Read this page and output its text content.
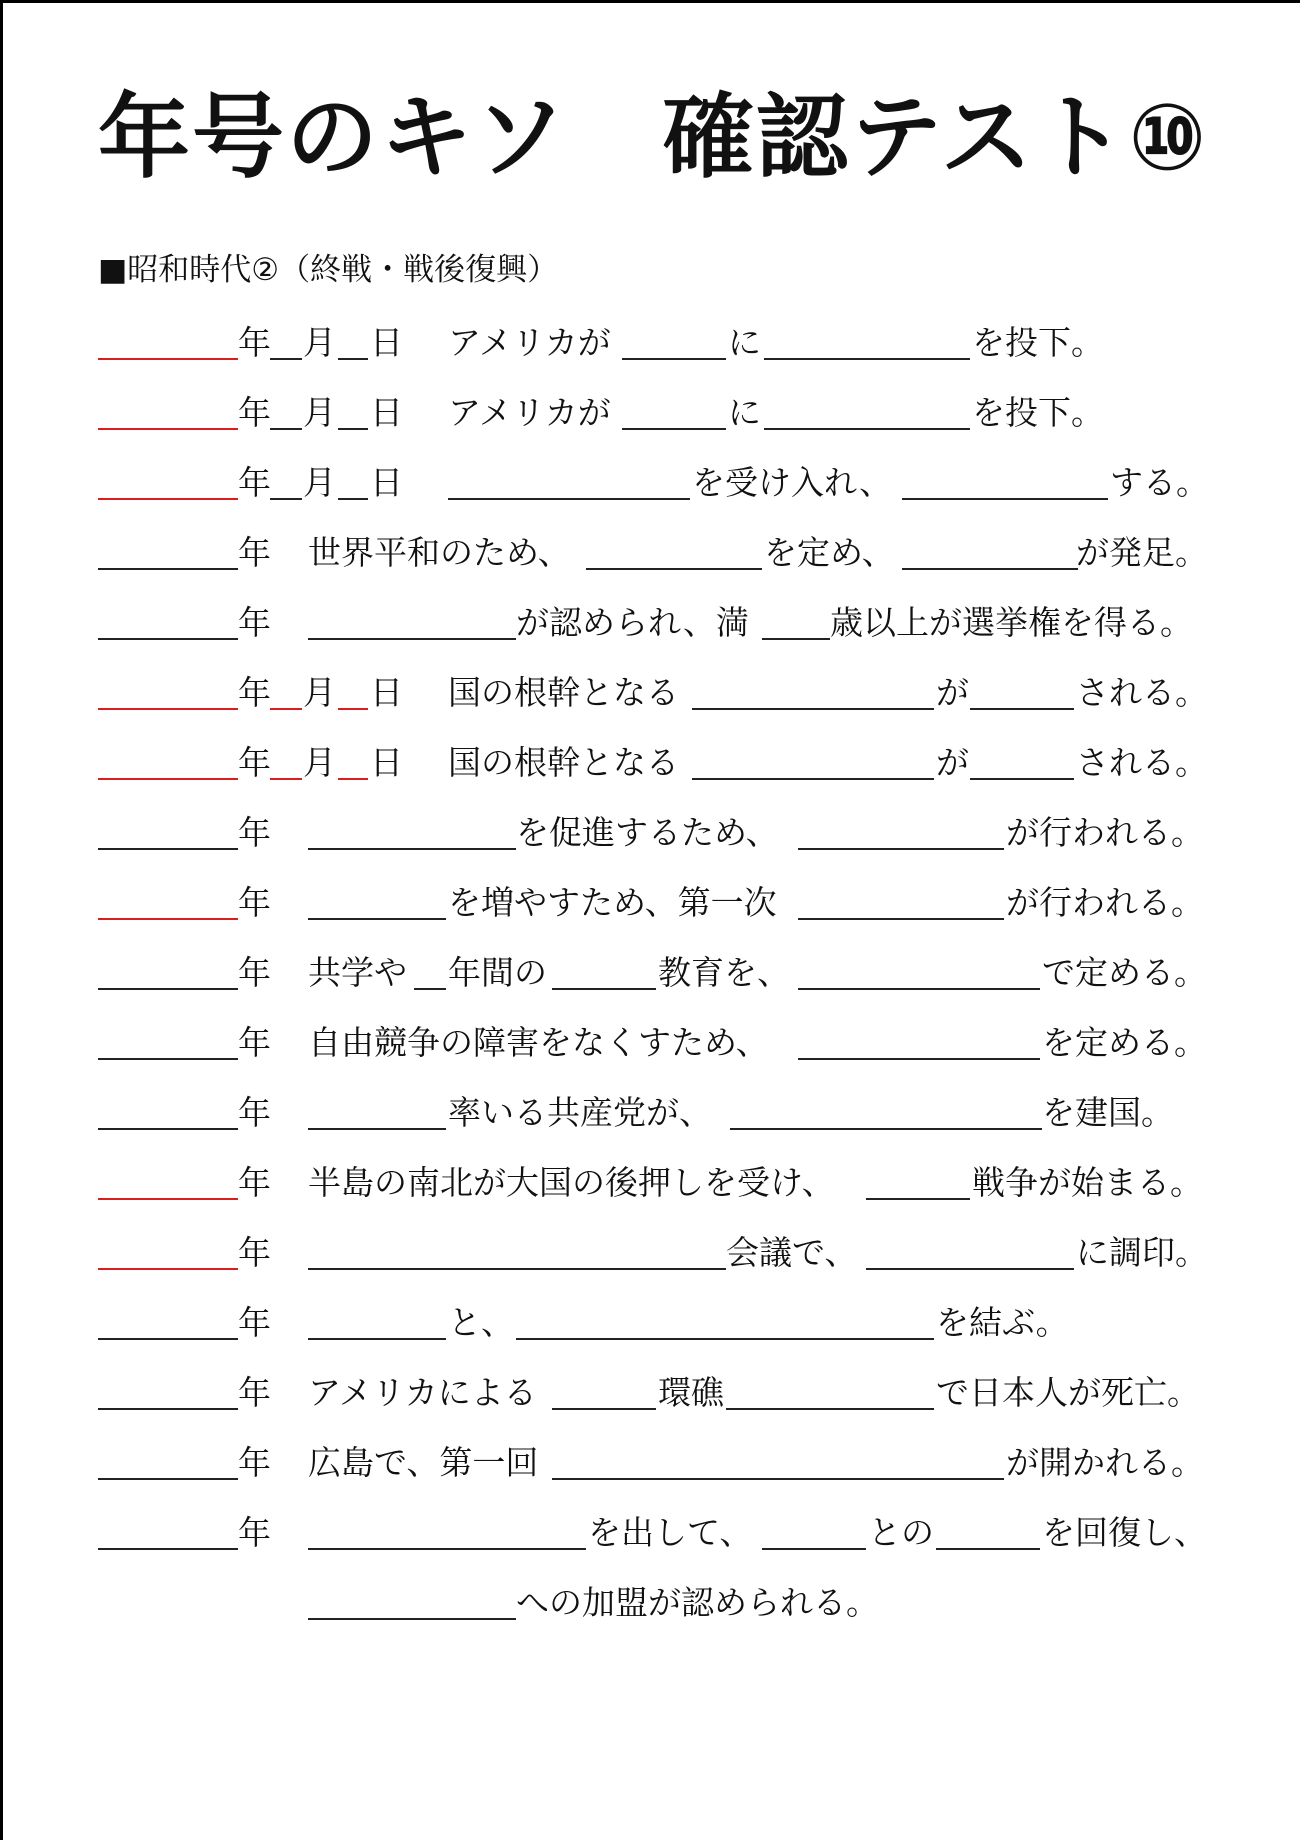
年号のキソ　確認テスト⑩
■昭和時代②（終戦・戦後復興）
年 月 日 アメリカが	に	を投下。
年 月 日 アメリカが	に	を投下。
年 月 日	を受け入れ、	する。
年 世界平和のため、	を定め、	が発足。
年	が認められ、満 歳以上が選挙権を得る。
年 月 日 国の根幹となる	が	される。
年 月 日 国の根幹となる	が	される。
年	を促進するため、	が行われる。
年	を増やすため、第一次	が行われる。
年 共学や 年間の	教育を、	で定める。
年 自由競争の障害をなくすため、	を定める。
年	率いる共産党が、	を建国。
年 半島の南北が大国の後押しを受け、	戦争が始まる。
年	会議で、	に調印。
年	と、	を結ぶ。
年 アメリカによる	環礁	で日本人が死亡。
年 広島で、第一回	が開かれる。
年	を出して、	との	を回復し、
への加盟が認められる。
